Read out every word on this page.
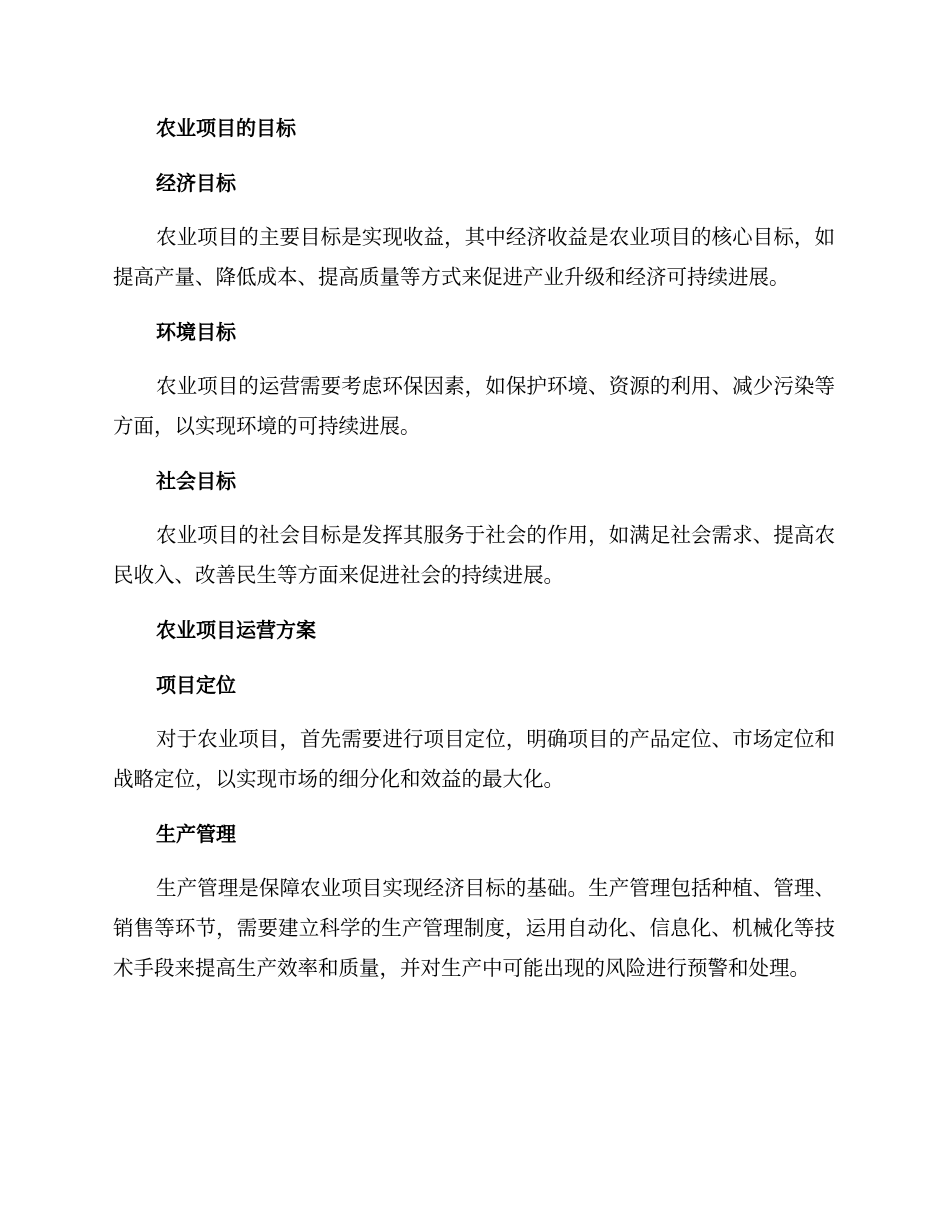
农业项目的目标
经济目标

农业项目的主要目标是实现收益，其中经济收益是农业项目的核心目标，如提高产量、降低成本、提高质量等方式来促进产业升级和经济可持续进展。

环境目标

农业项目的运营需要考虑环保因素，如保护环境、资源的利用、减少污染等方面，以实现环境的可持续进展。

社会目标

农业项目的社会目标是发挥其服务于社会的作用，如满足社会需求、提高农民收入、改善民生等方面来促进社会的持续进展。

农业项目运营方案
项目定位

对于农业项目，首先需要进行项目定位，明确项目的产品定位、市场定位和战略定位，以实现市场的细分化和效益的最大化。

生产管理

生产管理是保障农业项目实现经济目标的基础。生产管理包括种植、管理、销售等环节，需要建立科学的生产管理制度，运用自动化、信息化、机械化等技术手段来提高生产效率和质量，并对生产中可能出现的风险进行预警和处理。
